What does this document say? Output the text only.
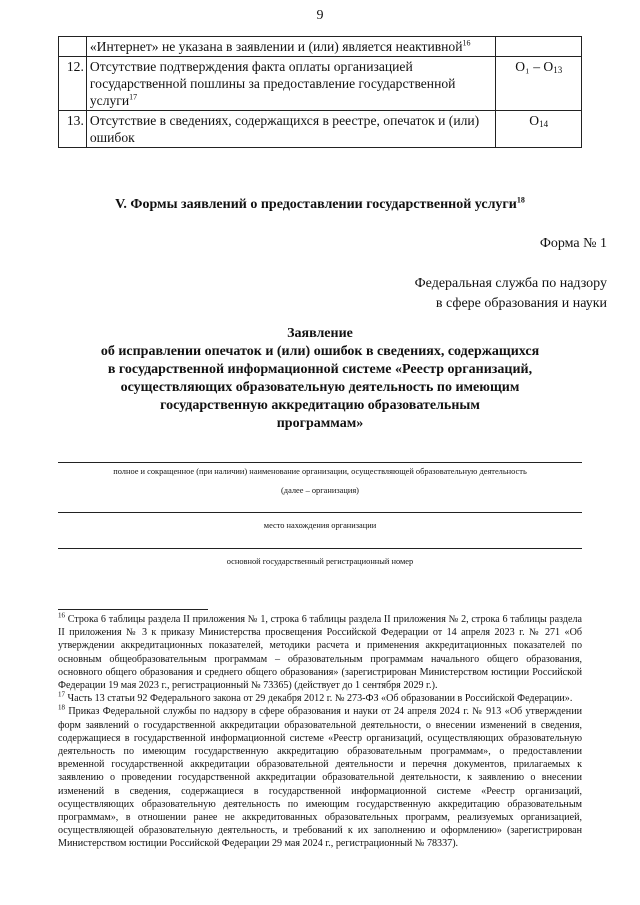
9
	«Интернет» не указана в заявлении и (или) является неактивной$^{16}$	
12.	Отсутствие подтверждения факта оплаты организацией государственной пошлины за предоставление государственной услуги$^{17}$	$O_1 - O_{13}$
13.	Отсутствие в сведениях, содержащихся в реестре, опечаток и (или) ошибок	$O_{14}$
V. Формы заявлений о предоставлении государственной услуги$^{18}$
Форма № 1
Федеральная служба по надзору
в сфере образования и науки
Заявление
об исправлении опечаток и (или) ошибок в сведениях, содержащихся
в государственной информационной системе «Реестр организаций,
осуществляющих образовательную деятельность по имеющим
государственную аккредитацию образовательным
программам»
полное и сокращенное (при наличии) наименование организации, осуществляющей образовательную деятельность
(далее – организация)
место нахождения организации
основной государственный регистрационный номер

$^{16}$ Строка 6 таблицы раздела II приложения № 1, строка 6 таблицы раздела II приложения № 2, строка 6 таблицы раздела II приложения № 3 к приказу Министерства просвещения Российской Федерации от 14 апреля 2023 г. № 271 «Об утверждении аккредитационных показателей, методики расчета и применения аккредитационных показателей по основным общеобразовательным программам – образовательным программам начального общего образования, основного общего образования и среднего общего образования» (зарегистрирован Министерством юстиции Российской Федерации 19 мая 2023 г., регистрационный № 73365) (действует до 1 сентября 2029 г.).

$^{17}$ Часть 13 статьи 92 Федерального закона от 29 декабря 2012 г. № 273-ФЗ «Об образовании в Российской Федерации».

$^{18}$ Приказ Федеральной службы по надзору в сфере образования и науки от 24 апреля 2024 г. № 913 «Об утверждении форм заявлений о государственной аккредитации образовательной деятельности, о внесении изменений в сведения, содержащиеся в государственной информационной системе «Реестр организаций, осуществляющих образовательную деятельность по имеющим государственную аккредитацию образовательным программам», о предоставлении временной государственной аккредитации образовательной деятельности и перечня документов, прилагаемых к заявлению о проведении государственной аккредитации образовательной деятельности, к заявлению о внесении изменений в сведения, содержащиеся в государственной информационной системе «Реестр организаций, осуществляющих образовательную деятельность по имеющим государственную аккредитацию образовательным программам», в отношении ранее не аккредитованных образовательных программ, реализуемых организацией, осуществляющей образовательную деятельность, и требований к их заполнению и оформлению» (зарегистрирован Министерством юстиции Российской Федерации 29 мая 2024 г., регистрационный № 78337).
